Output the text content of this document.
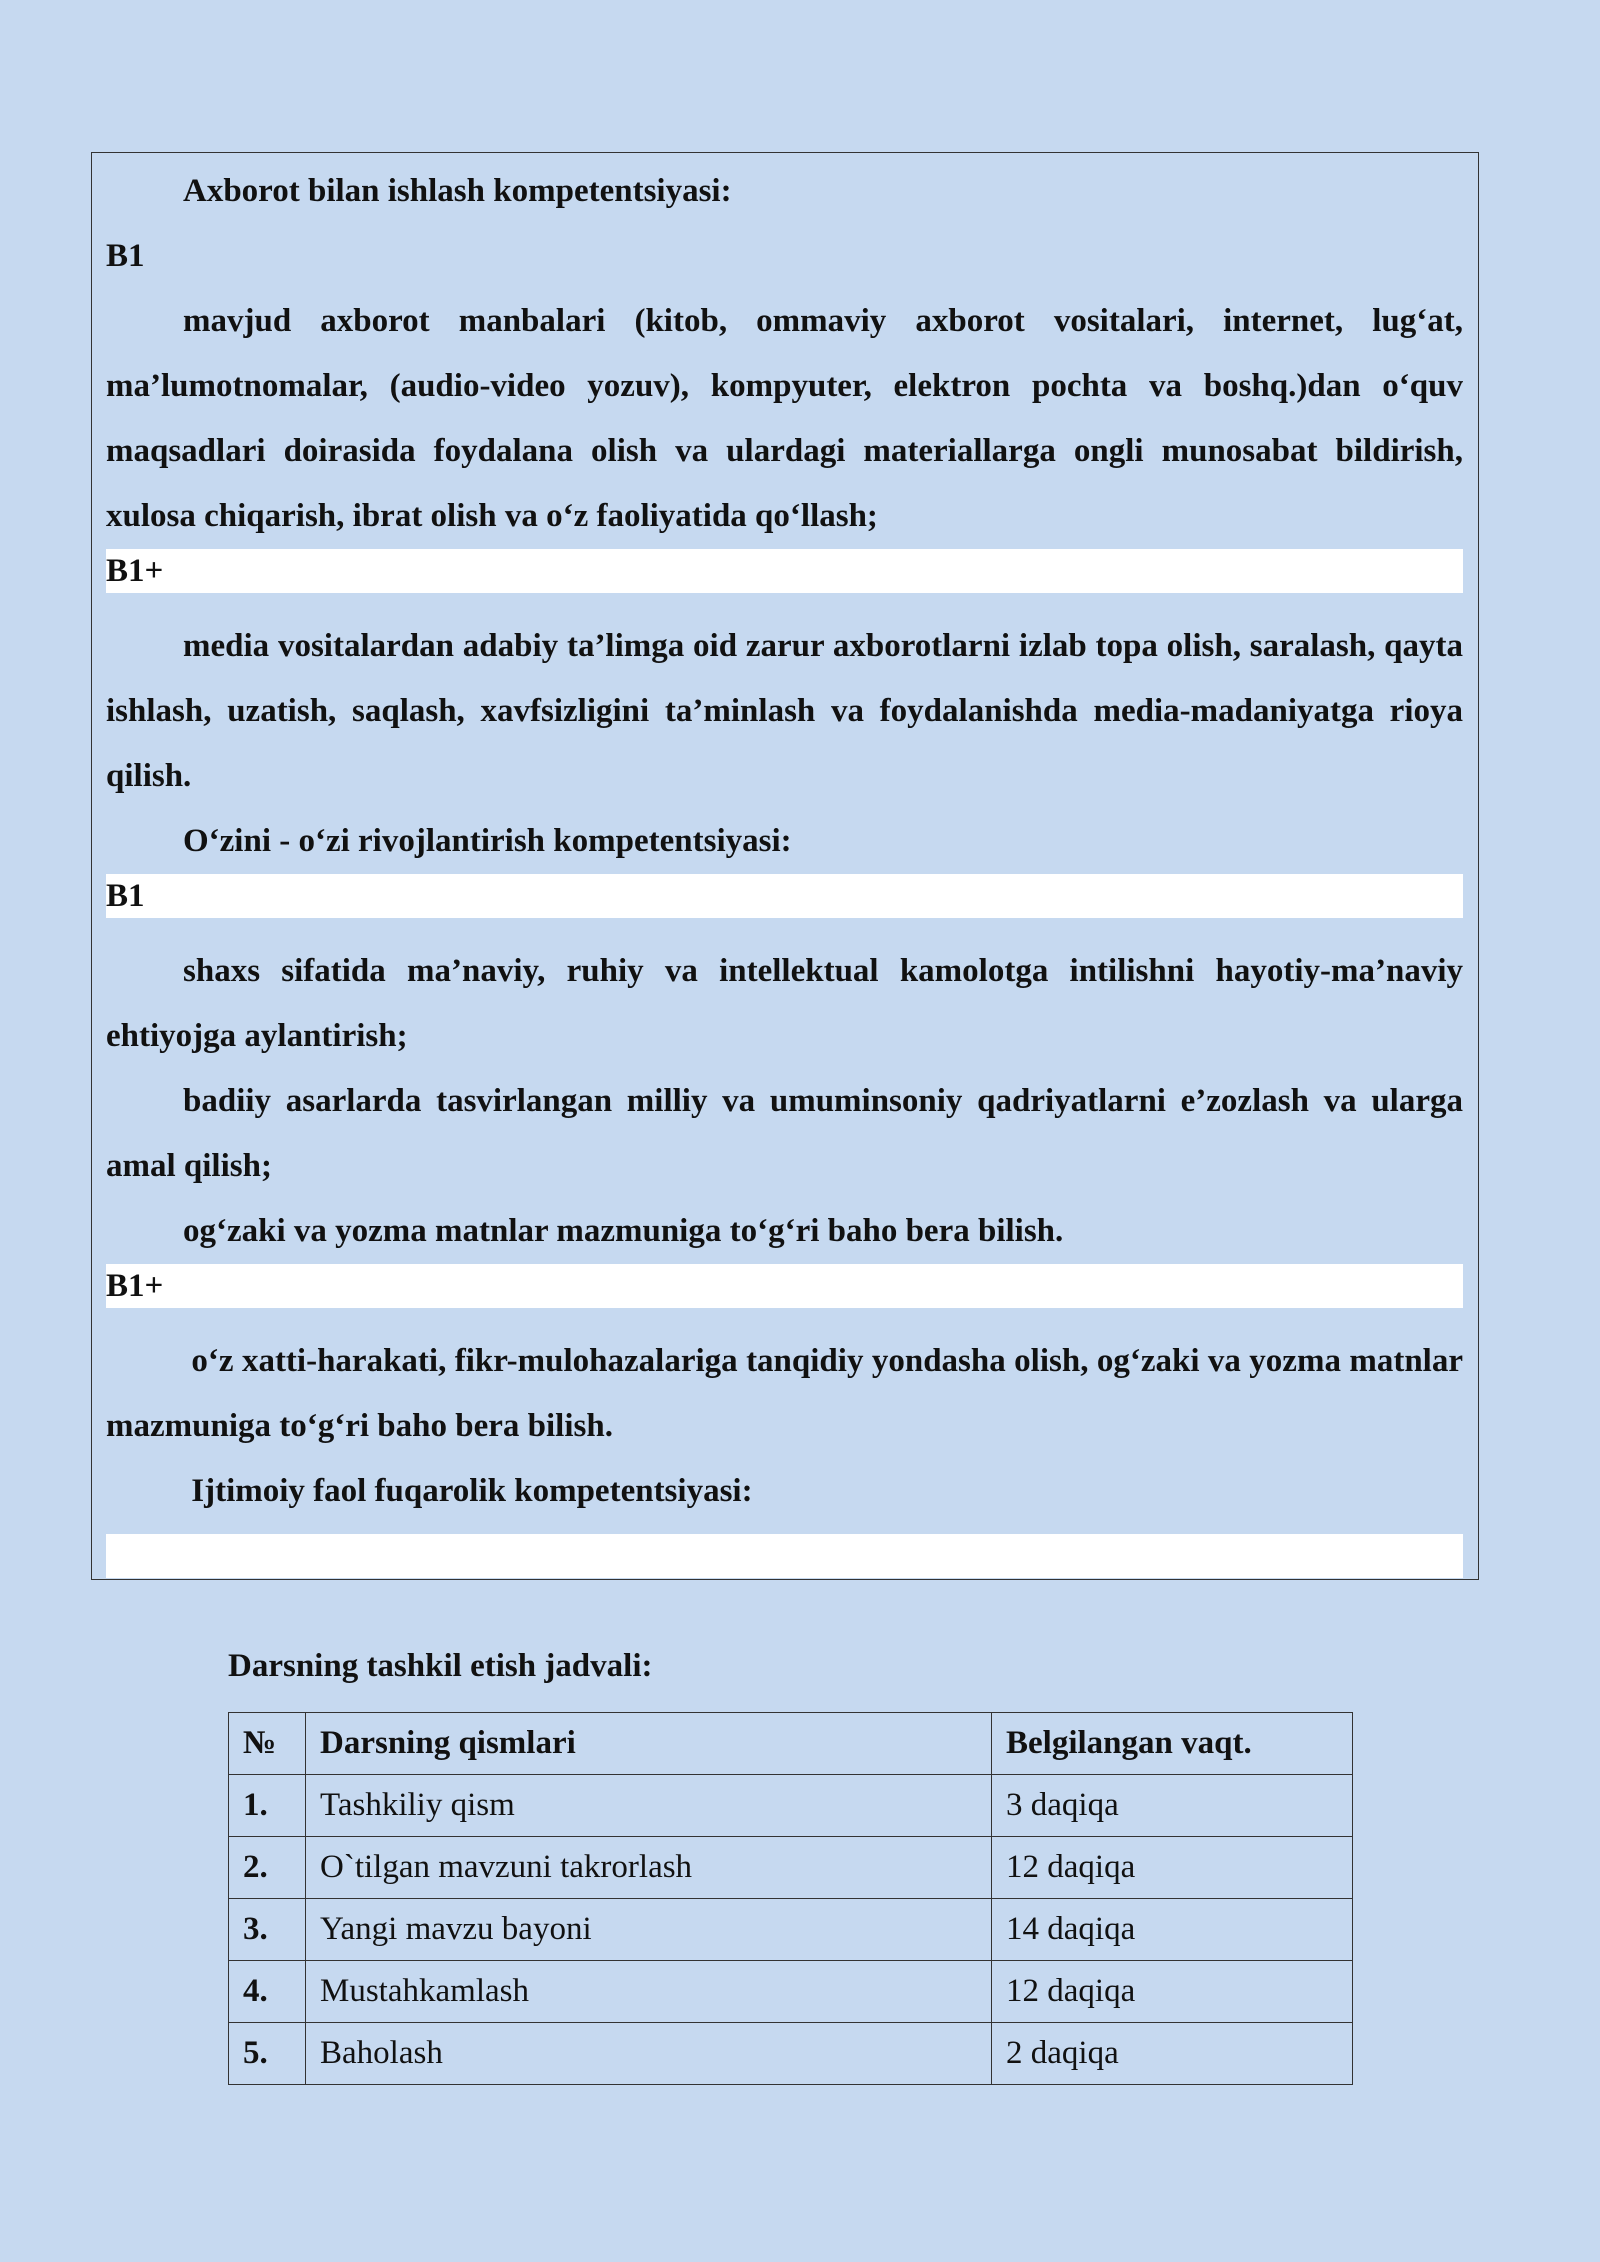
Axborot bilan ishlash kompetentsiyasi:
B1
mavjud axborot manbalari (kitob, ommaviy axborot vositalari, internet, lug‘at, ma’lumotnomalar, (audio-video yozuv), kompyuter, elektron pochta va boshq.)dan o‘quv maqsadlari doirasida foydalana olish va ulardagi materiallarga ongli munosabat bildirish, xulosa chiqarish, ibrat olish va o‘z faoliyatida qo‘llash;
B1+
media vositalardan adabiy ta’limga oid zarur axborotlarni izlab topa olish, saralash, qayta ishlash, uzatish, saqlash, xavfsizligini ta’minlash va foydalanishda media-madaniyatga rioya qilish.
O‘zini - o‘zi rivojlantirish kompetentsiyasi:
B1
shaxs sifatida ma’naviy, ruhiy va intellektual kamolotga intilishni hayotiy-ma’naviy ehtiyojga aylantirish;
badiiy asarlarda tasvirlangan milliy va umuminsoniy qadriyatlarni e’zozlash va ularga amal qilish;
og‘zaki va yozma matnlar mazmuniga to‘g‘ri baho bera bilish.
B1+
o‘z xatti-harakati, fikr-mulohazalariga tanqidiy yondasha olish, og‘zaki va yozma matnlar mazmuniga to‘g‘ri baho bera bilish.
Ijtimoiy faol fuqarolik kompetentsiyasi:
Darsning tashkil etish jadvali:
№	Darsning qismlari	Belgilangan vaqt.
1.	Tashkiliy qism	3 daqiqa
2.	O`tilgan mavzuni takrorlash	12 daqiqa
3.	Yangi mavzu bayoni	14 daqiqa
4.	Mustahkamlash	12 daqiqa
5.	Baholash	2 daqiqa
